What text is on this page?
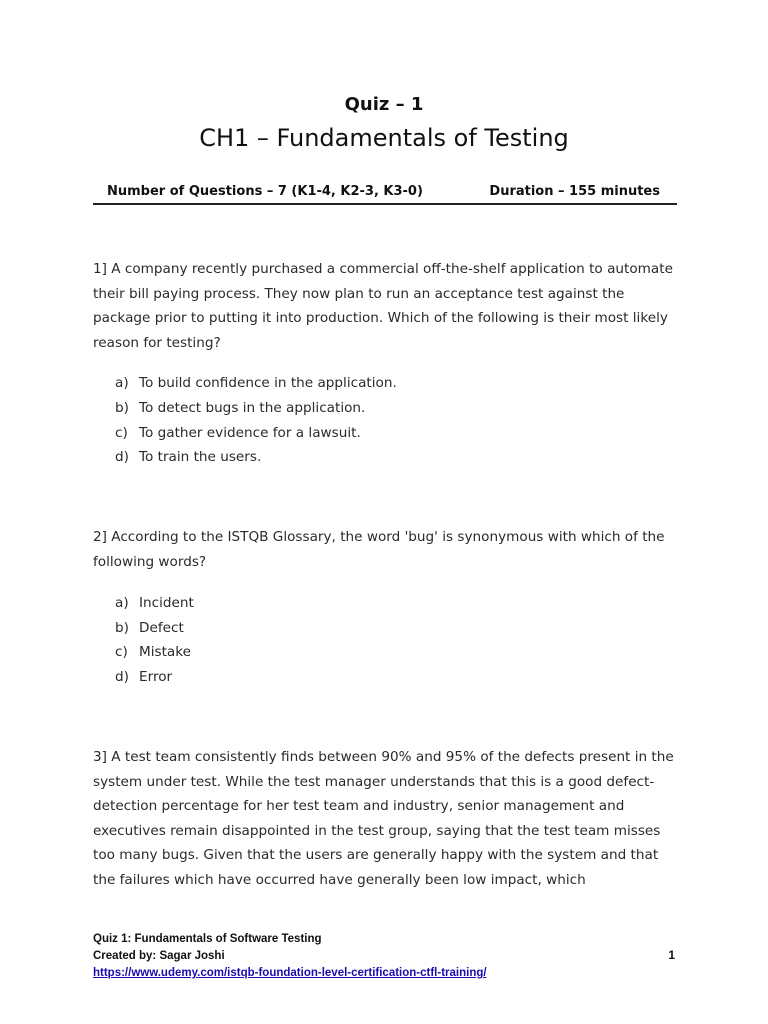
Quiz – 1
CH1 – Fundamentals of Testing
Number of Questions – 7 (K1-4, K2-3, K3-0)	Duration – 155 minutes

1] A company recently purchased a commercial off-the-shelf application to automate their bill paying process. They now plan to run an acceptance test against the package prior to putting it into production. Which of the following is their most likely reason for testing?

a) To build confidence in the application.
b) To detect bugs in the application.
c) To gather evidence for a lawsuit.
d) To train the users.

2] According to the ISTQB Glossary, the word 'bug' is synonymous with which of the following words?

a) Incident
b) Defect
c) Mistake
d) Error

3] A test team consistently finds between 90% and 95% of the defects present in the system under test. While the test manager understands that this is a good defect-detection percentage for her test team and industry, senior management and executives remain disappointed in the test group, saying that the test team misses too many bugs. Given that the users are generally happy with the system and that the failures which have occurred have generally been low impact, which

Quiz 1: Fundamentals of Software Testing
Created by: Sagar Joshi
https://www.udemy.com/istqb-foundation-level-certification-ctfl-training/
1
